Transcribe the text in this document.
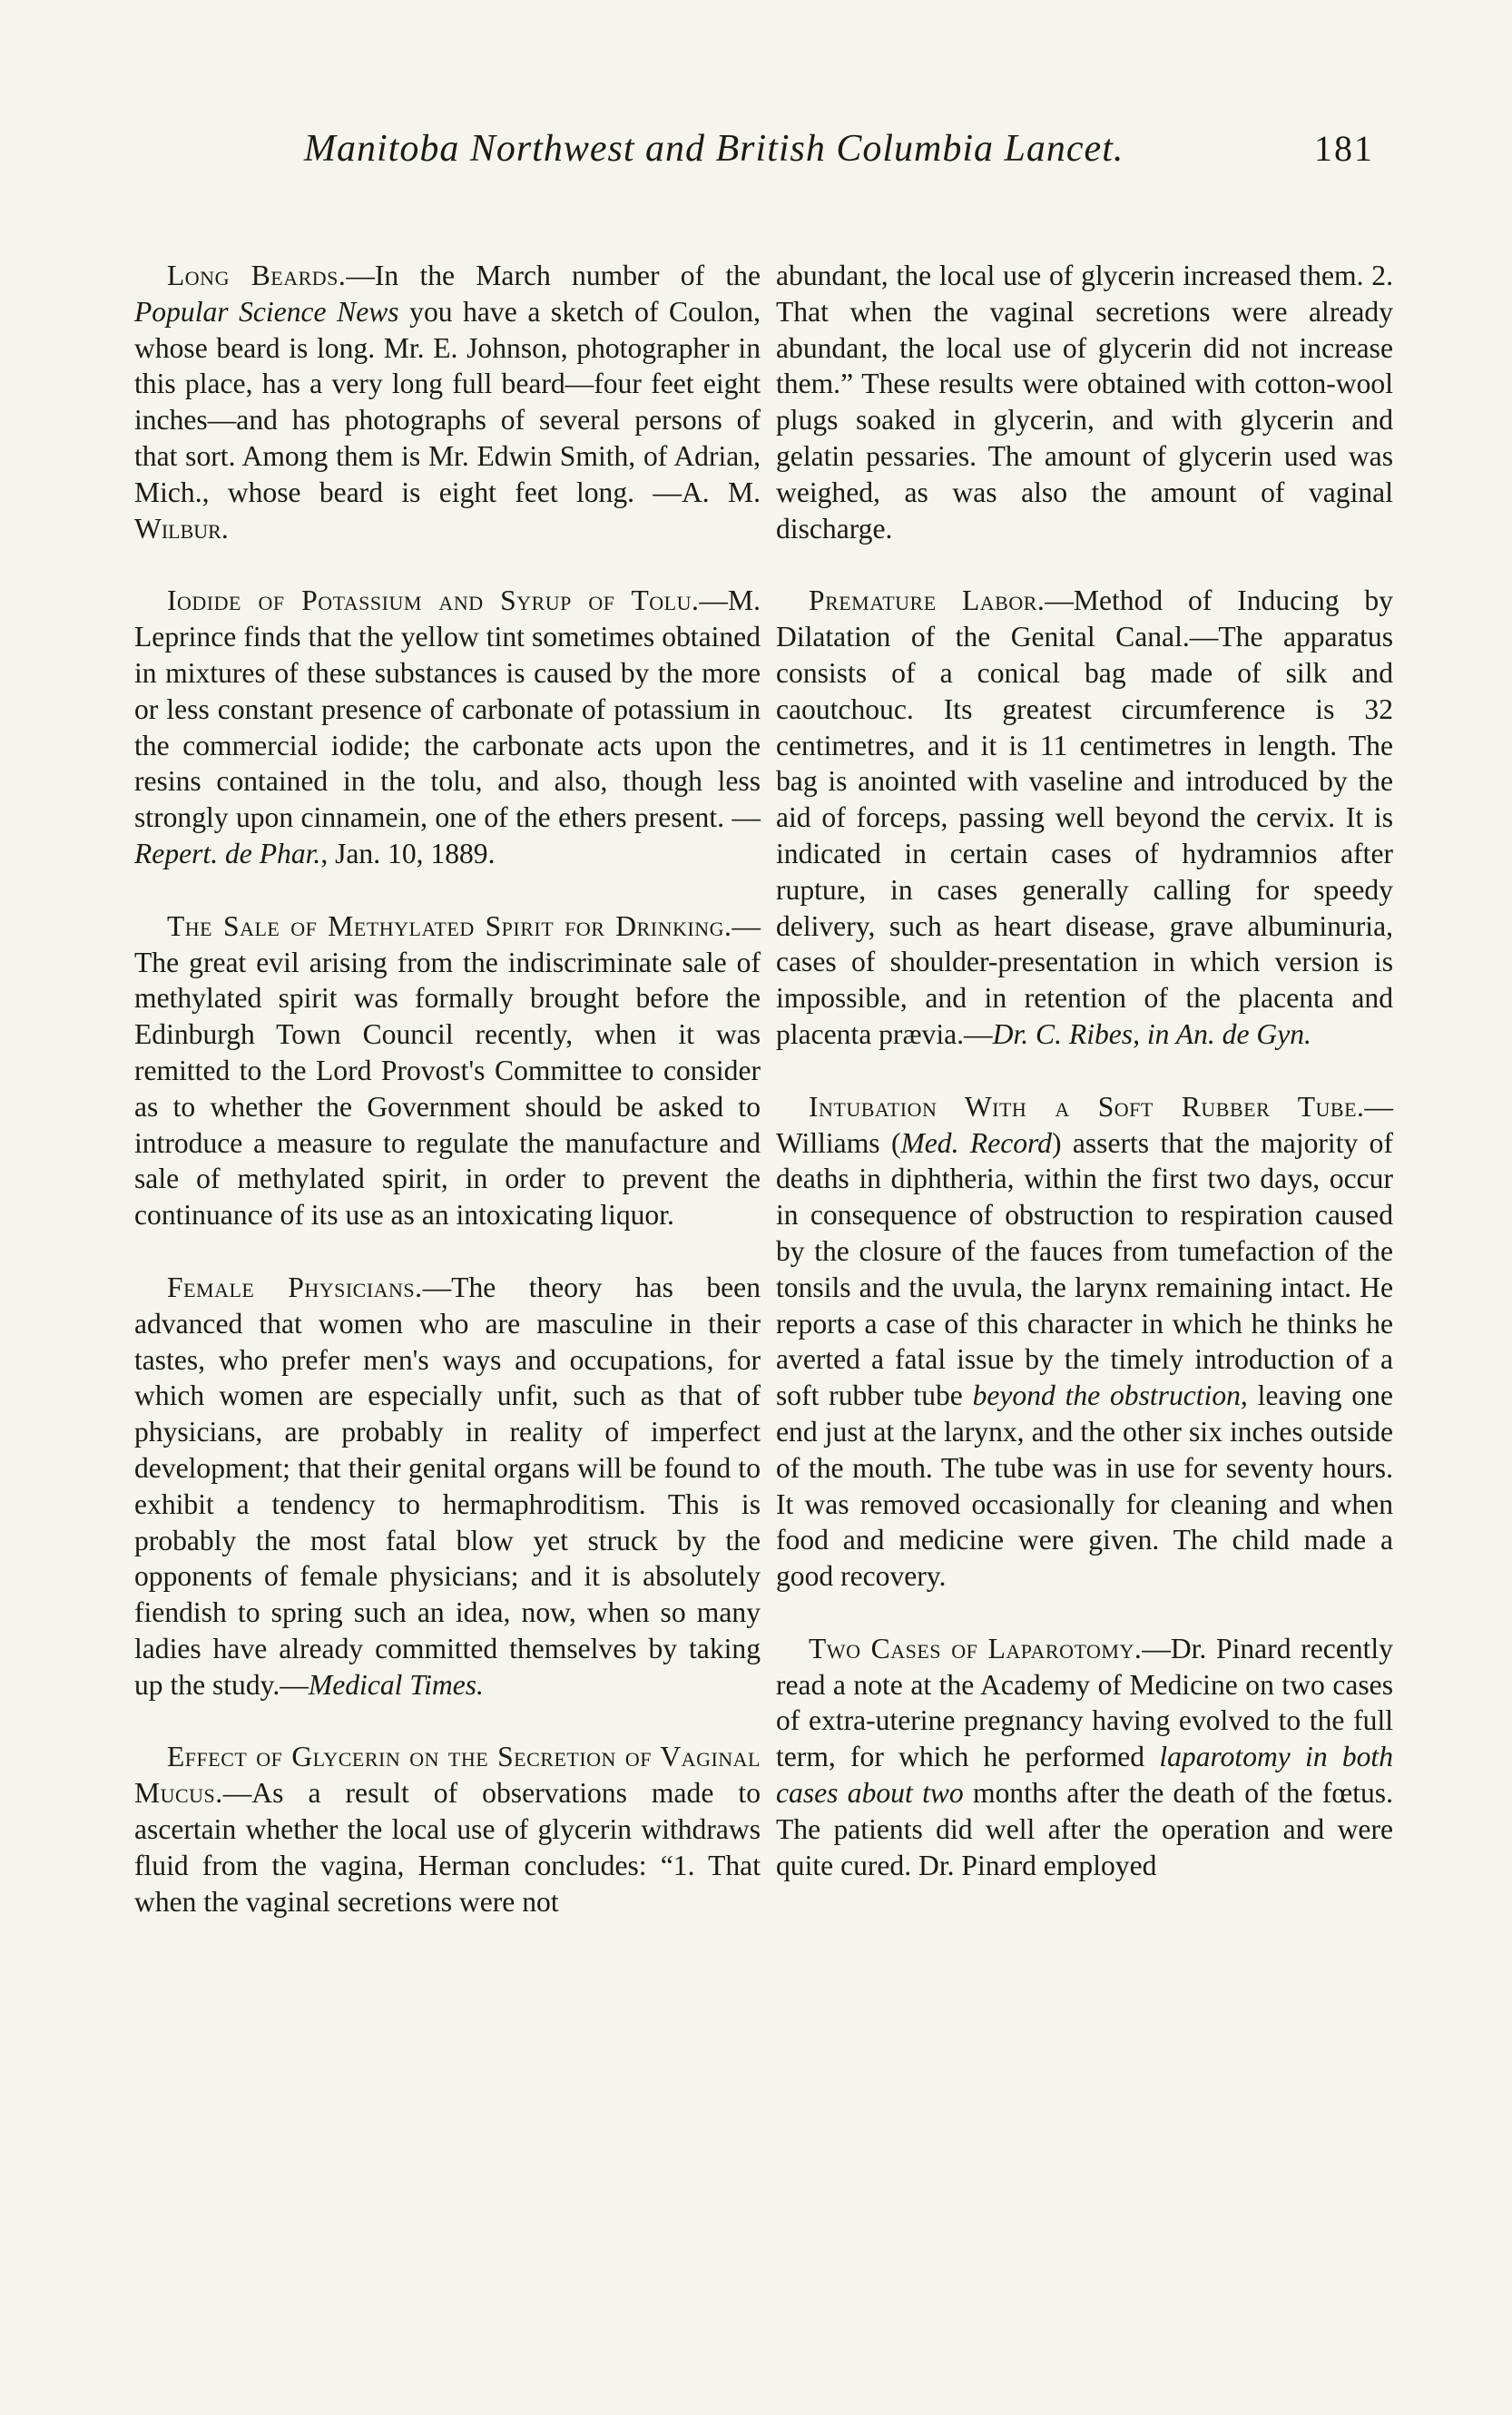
Manitoba Northwest and British Columbia Lancet.	181

Long Beards.—In the March number of the Popular Science News you have a sketch of Coulon, whose beard is long. Mr. E. Johnson, photographer in this place, has a very long full beard—four feet eight inches—and has photographs of several persons of that sort. Among them is Mr. Edwin Smith, of Adrian, Mich., whose beard is eight feet long. —A. M. Wilbur.

Iodide of Potassium and Syrup of Tolu.—M. Leprince finds that the yellow tint sometimes obtained in mixtures of these substances is caused by the more or less constant presence of carbonate of potassium in the commercial iodide; the carbonate acts upon the resins contained in the tolu, and also, though less strongly upon cinnamein, one of the ethers present. —Repert. de Phar., Jan. 10, 1889.

The Sale of Methylated Spirit for Drinking.—The great evil arising from the indiscriminate sale of methylated spirit was formally brought before the Edinburgh Town Council recently, when it was remitted to the Lord Provost's Committee to consider as to whether the Government should be asked to introduce a measure to regulate the manufacture and sale of methylated spirit, in order to prevent the continuance of its use as an intoxicating liquor.

Female Physicians.—The theory has been advanced that women who are masculine in their tastes, who prefer men's ways and occupations, for which women are especially unfit, such as that of physicians, are probably in reality of imperfect development; that their genital organs will be found to exhibit a tendency to hermaphroditism. This is probably the most fatal blow yet struck by the opponents of female physicians; and it is absolutely fiendish to spring such an idea, now, when so many ladies have already committed themselves by taking up the study.—Medical Times.

Effect of Glycerin on the Secretion of Vaginal Mucus.—As a result of observations made to ascertain whether the local use of glycerin withdraws fluid from the vagina, Herman concludes: “1. That when the vaginal secretions were not

abundant, the local use of glycerin increased them. 2. That when the vaginal secretions were already abundant, the local use of glycerin did not increase them.” These results were obtained with cotton-wool plugs soaked in glycerin, and with glycerin and gelatin pessaries. The amount of glycerin used was weighed, as was also the amount of vaginal discharge.

Premature Labor.—Method of Inducing by Dilatation of the Genital Canal.—The apparatus consists of a conical bag made of silk and caoutchouc. Its greatest circumference is 32 centimetres, and it is 11 centimetres in length. The bag is anointed with vaseline and introduced by the aid of forceps, passing well beyond the cervix. It is indicated in certain cases of hydramnios after rupture, in cases generally calling for speedy delivery, such as heart disease, grave albuminuria, cases of shoulder-presentation in which version is impossible, and in retention of the placenta and placenta prævia.—Dr. C. Ribes, in An. de Gyn.

Intubation With a Soft Rubber Tube.—Williams (Med. Record) asserts that the majority of deaths in diphtheria, within the first two days, occur in consequence of obstruction to respiration caused by the closure of the fauces from tumefaction of the tonsils and the uvula, the larynx remaining intact. He reports a case of this character in which he thinks he averted a fatal issue by the timely introduction of a soft rubber tube beyond the obstruction, leaving one end just at the larynx, and the other six inches outside of the mouth. The tube was in use for seventy hours. It was removed occasionally for cleaning and when food and medicine were given. The child made a good recovery.

Two Cases of Laparotomy.—Dr. Pinard recently read a note at the Academy of Medicine on two cases of extra-uterine pregnancy having evolved to the full term, for which he performed laparotomy in both cases about two months after the death of the fœtus. The patients did well after the operation and were quite cured. Dr. Pinard employed
